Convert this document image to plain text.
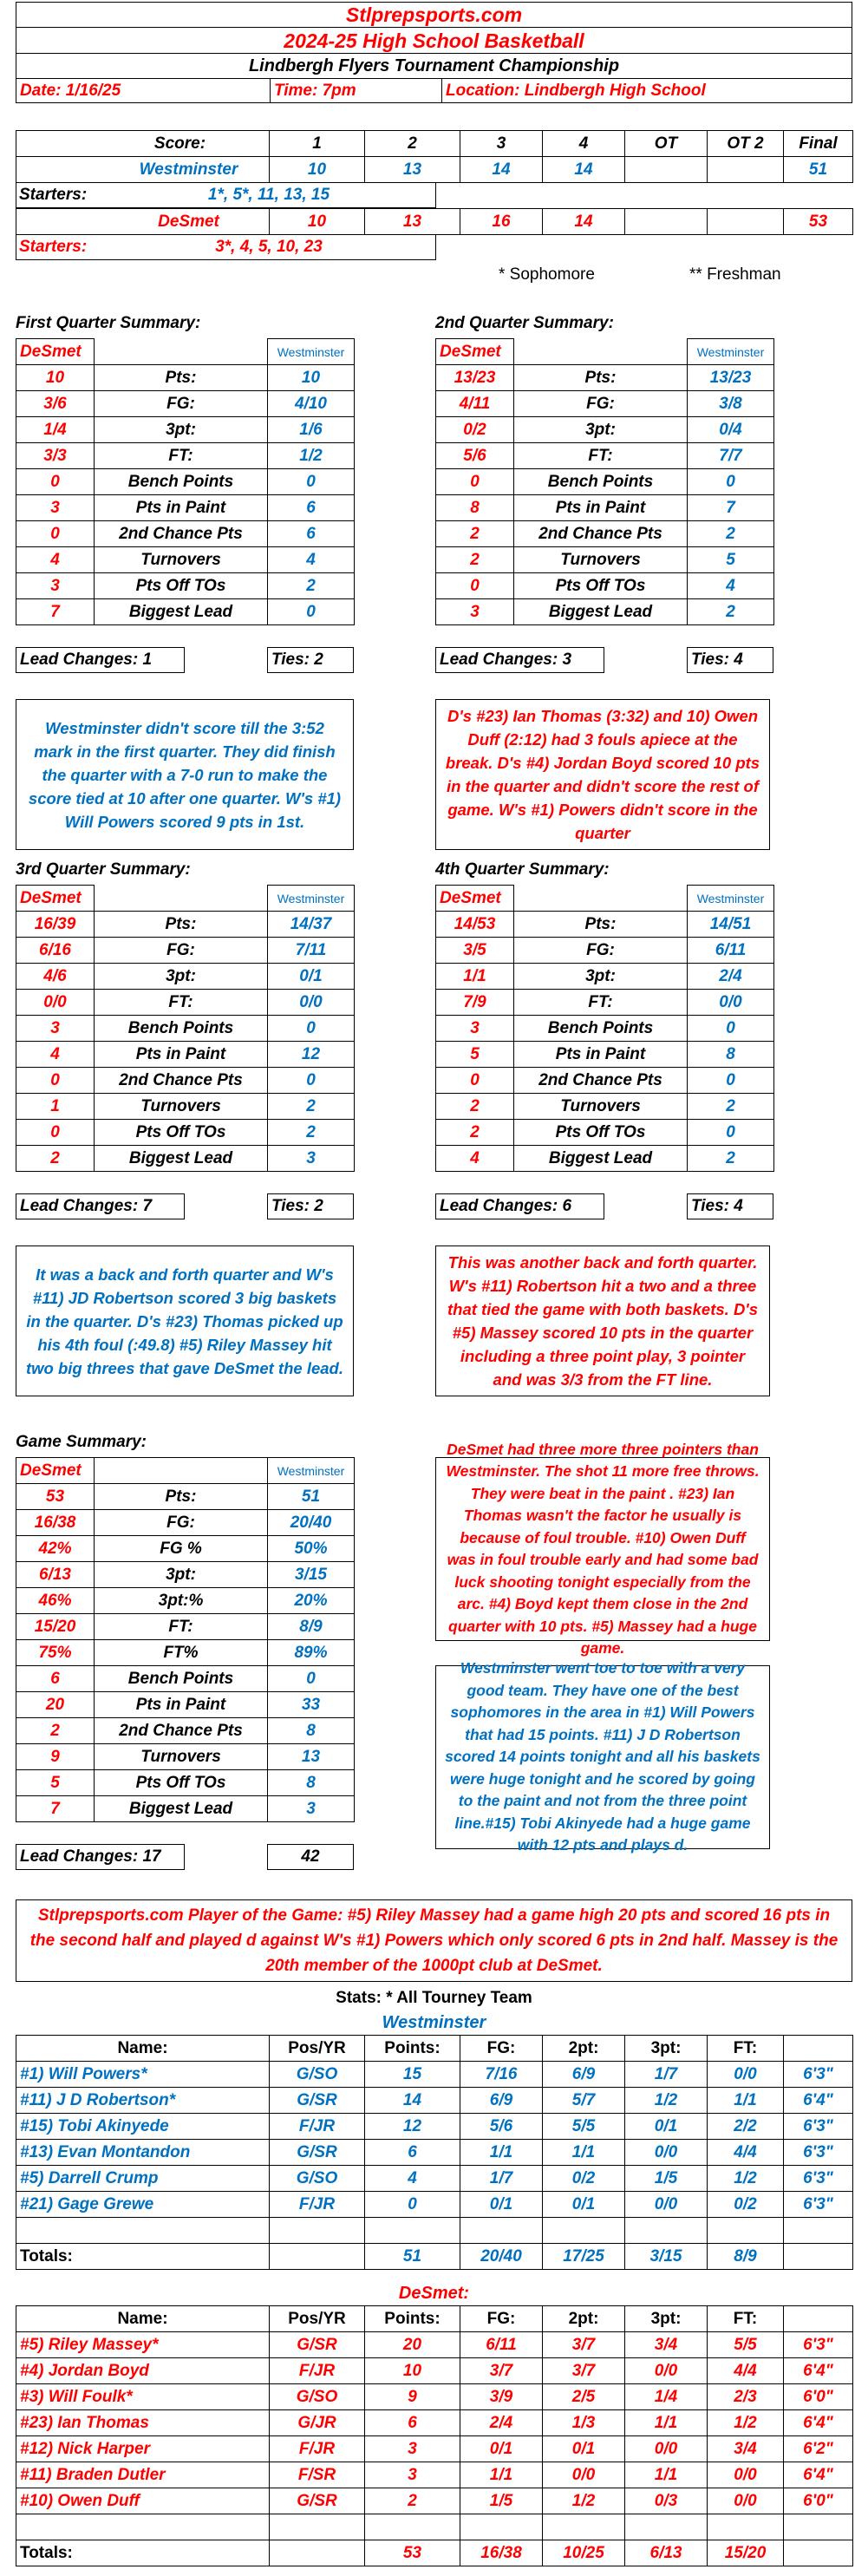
Stlprepsports.com
2024-25 High School Basketball
Lindbergh Flyers Tournament Championship
Date: 1/16/25	Time: 7pm	Location: Lindbergh High School
Score:	1	2	3	4	OT	OT 2	Final
Westminster	10	13	14	14			51
Starters:	1*, 5*, 11, 13, 15
DeSmet	10	13	16	14			53
Starters:	3*, 4, 5, 10, 23
* Sophomore	** Freshman
First Quarter Summary:
DeSmet		Westminster
10	Pts:	10
3/6	FG:	4/10
1/4	3pt:	1/6
3/3	FT:	1/2
0	Bench Points	0
3	Pts in Paint	6
0	2nd Chance Pts	6
4	Turnovers	4
3	Pts Off TOs	2
7	Biggest Lead	0
Lead Changes: 1	Ties: 2
2nd Quarter Summary:
DeSmet		Westminster
13/23	Pts:	13/23
4/11	FG:	3/8
0/2	3pt:	0/4
5/6	FT:	7/7
0	Bench Points	0
8	Pts in Paint	7
2	2nd Chance Pts	2
2	Turnovers	5
0	Pts Off TOs	4
3	Biggest Lead	2
Lead Changes: 3	Ties: 4
3rd Quarter Summary:
DeSmet		Westminster
16/39	Pts:	14/37
6/16	FG:	7/11
4/6	3pt:	0/1
0/0	FT:	0/0
3	Bench Points	0
4	Pts in Paint	12
0	2nd Chance Pts	0
1	Turnovers	2
0	Pts Off TOs	2
2	Biggest Lead	3
Lead Changes: 7	Ties: 2
4th Quarter Summary:
DeSmet		Westminster
14/53	Pts:	14/51
3/5	FG:	6/11
1/1	3pt:	2/4
7/9	FT:	0/0
3	Bench Points	0
5	Pts in Paint	8
0	2nd Chance Pts	0
2	Turnovers	2
2	Pts Off TOs	0
4	Biggest Lead	2
Lead Changes: 6	Ties: 4
Game Summary:
DeSmet		Westminster
53	Pts:	51
16/38	FG:	20/40
42%	FG %	50%
6/13	3pt:	3/15
46%	3pt:%	20%
15/20	FT:	8/9
75%	FT%	89%
6	Bench Points	0
20	Pts in Paint	33
2	2nd Chance Pts	8
9	Turnovers	13
5	Pts Off TOs	8
7	Biggest Lead	3
Lead Changes: 17	42
Westminster didn't score till the 3:52 mark in the first quarter. They did finish the quarter with a 7-0 run to make the score tied at 10 after one quarter. W's #1) Will Powers scored 9 pts in 1st.
D's #23) Ian Thomas (3:32) and 10) Owen Duff (2:12) had 3 fouls apiece at the break. D's #4) Jordan Boyd scored 10 pts in the quarter and didn't score the rest of game. W's #1) Powers didn't score in the quarter
It was a back and forth quarter and W's #11) JD Robertson scored 3 big baskets in the quarter. D's #23) Thomas picked up his 4th foul (:49.8) #5) Riley Massey hit two big threes that gave DeSmet the lead.
This was another back and forth quarter. W's #11) Robertson hit a two and a three that tied the game with both baskets. D's #5) Massey scored 10 pts in the quarter including a three point play, 3 pointer and was 3/3 from the FT line.
DeSmet had three more three pointers than Westminster. The shot 11 more free throws. They were beat in the paint . #23) Ian Thomas wasn't the factor he usually is because of foul trouble. #10) Owen Duff was in foul trouble early and had some bad luck shooting tonight especially from the arc. #4) Boyd kept them close in the 2nd quarter with 10 pts. #5) Massey had a huge game.
Westminster went toe to toe with a very good team. They have one of the best sophomores in the area in #1) Will Powers that had 15 points. #11) J D Robertson scored 14 points tonight and all his baskets were huge tonight and he scored by going to the paint and not from the three point line.#15) Tobi Akinyede had a huge game with 12 pts and plays d.
Stlprepsports.com Player of the Game: #5) Riley Massey had a game high 20 pts and scored 16 pts in the second half and played d against W's #1) Powers which only scored 6 pts in 2nd half. Massey is the 20th member of the 1000pt club at DeSmet.
Stats: * All Tourney Team
Westminster
Name:	Pos/YR	Points:	FG:	2pt:	3pt:	FT:	
#1) Will Powers*	G/SO	15	7/16	6/9	1/7	0/0	6'3"
#11) J D Robertson*	G/SR	14	6/9	5/7	1/2	1/1	6'4"
#15) Tobi Akinyede	F/JR	12	5/6	5/5	0/1	2/2	6'3"
#13) Evan Montandon	G/SR	6	1/1	1/1	0/0	4/4	6'3"
#5) Darrell Crump	G/SO	4	1/7	0/2	1/5	1/2	6'3"
#21) Gage Grewe	F/JR	0	0/1	0/1	0/0	0/2	6'3"

Totals:		51	20/40	17/25	3/15	8/9	
DeSmet:
Name:	Pos/YR	Points:	FG:	2pt:	3pt:	FT:	
#5) Riley Massey*	G/SR	20	6/11	3/7	3/4	5/5	6'3"
#4) Jordan Boyd	F/JR	10	3/7	3/7	0/0	4/4	6'4"
#3) Will Foulk*	G/SO	9	3/9	2/5	1/4	2/3	6'0"
#23) Ian Thomas	G/JR	6	2/4	1/3	1/1	1/2	6'4"
#12) Nick Harper	F/JR	3	0/1	0/1	0/0	3/4	6'2"
#11) Braden Dutler	F/SR	3	1/1	0/0	1/1	0/0	6'4"
#10) Owen Duff	G/SR	2	1/5	1/2	0/3	0/0	6'0"

Totals:		53	16/38	10/25	6/13	15/20	
